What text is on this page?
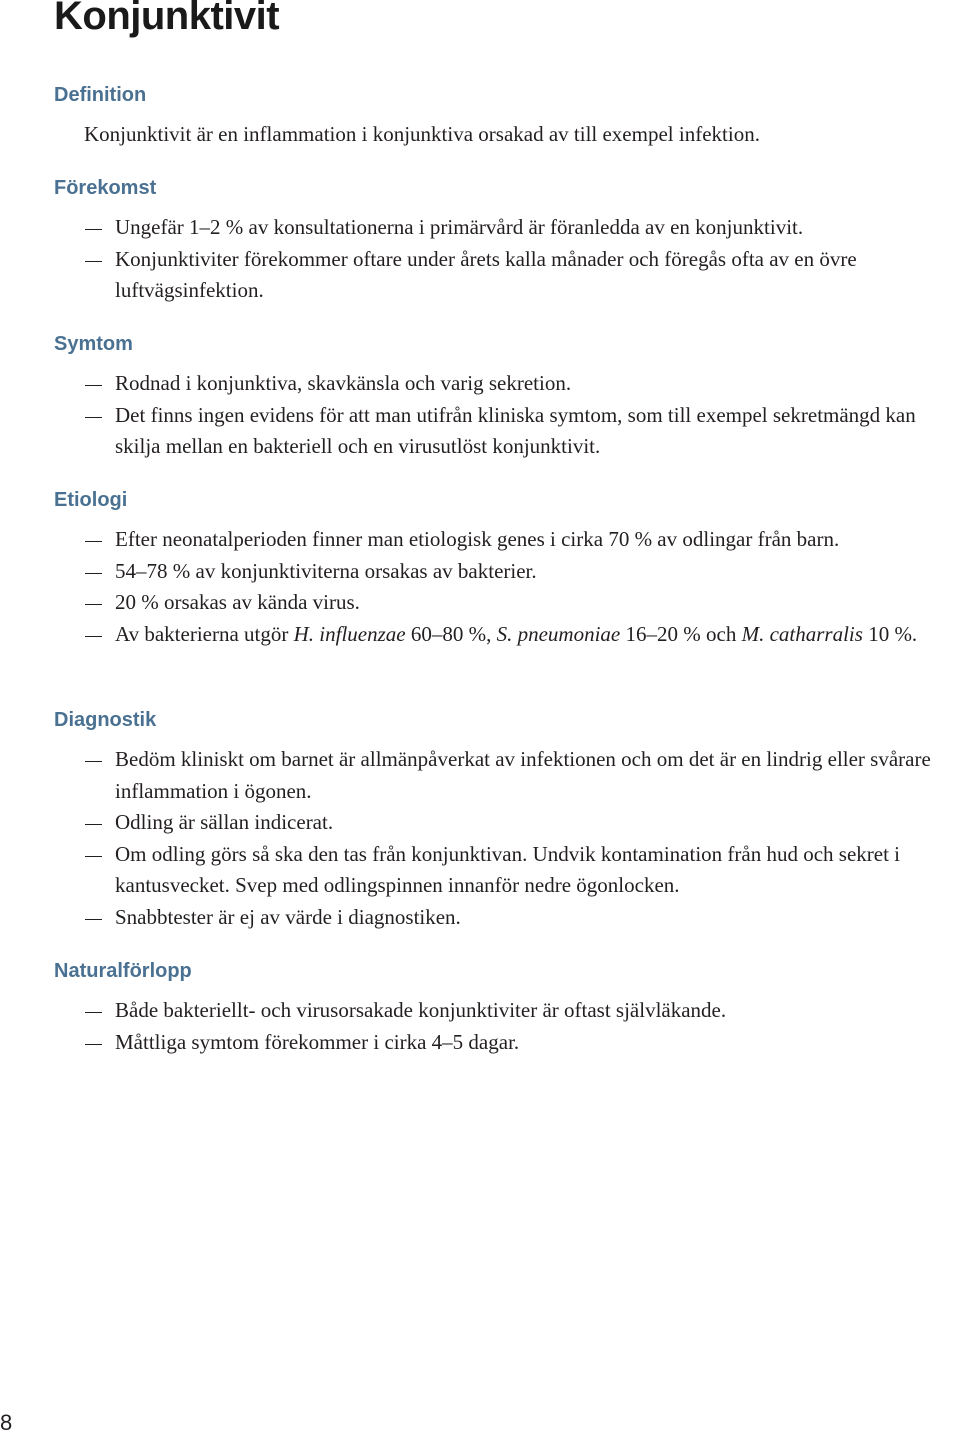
Konjunktivit
Definition

Konjunktivit är en inflammation i konjunktiva orsakad av till exempel infektion.

Förekomst
Ungefär 1–2 % av konsultationerna i primärvård är föranledda av en konjunktivit.
Konjunktiviter förekommer oftare under årets kalla månader och föregås ofta av en övre luftvägsinfektion.
Symtom
Rodnad i konjunktiva, skavkänsla och varig sekretion.
Det finns ingen evidens för att man utifrån kliniska symtom, som till exempel sekretmängd kan skilja mellan en bakteriell och en virusutlöst konjunktivit.
Etiologi
Efter neonatalperioden finner man etiologisk genes i cirka 70 % av odlingar från barn.
54–78 % av konjunktiviterna orsakas av bakterier.
20 % orsakas av kända virus.
Av bakterierna utgör H. influenzae 60–80 %, S. pneumoniae 16–20 % och M. catharralis 10 %.
Diagnostik
Bedöm kliniskt om barnet är allmänpåverkat av infektionen och om det är en lindrig eller svårare inflammation i ögonen.
Odling är sällan indicerat.
Om odling görs så ska den tas från konjunktivan. Undvik kontamination från hud och sekret i kantusvecket. Svep med odlingspinnen innanför nedre ögonlocken.
Snabbtester är ej av värde i diagnostiken.
Naturalförlopp
Både bakteriellt- och virusorsakade konjunktiviter är oftast självläkande.
Måttliga symtom förekommer i cirka 4–5 dagar.
8
